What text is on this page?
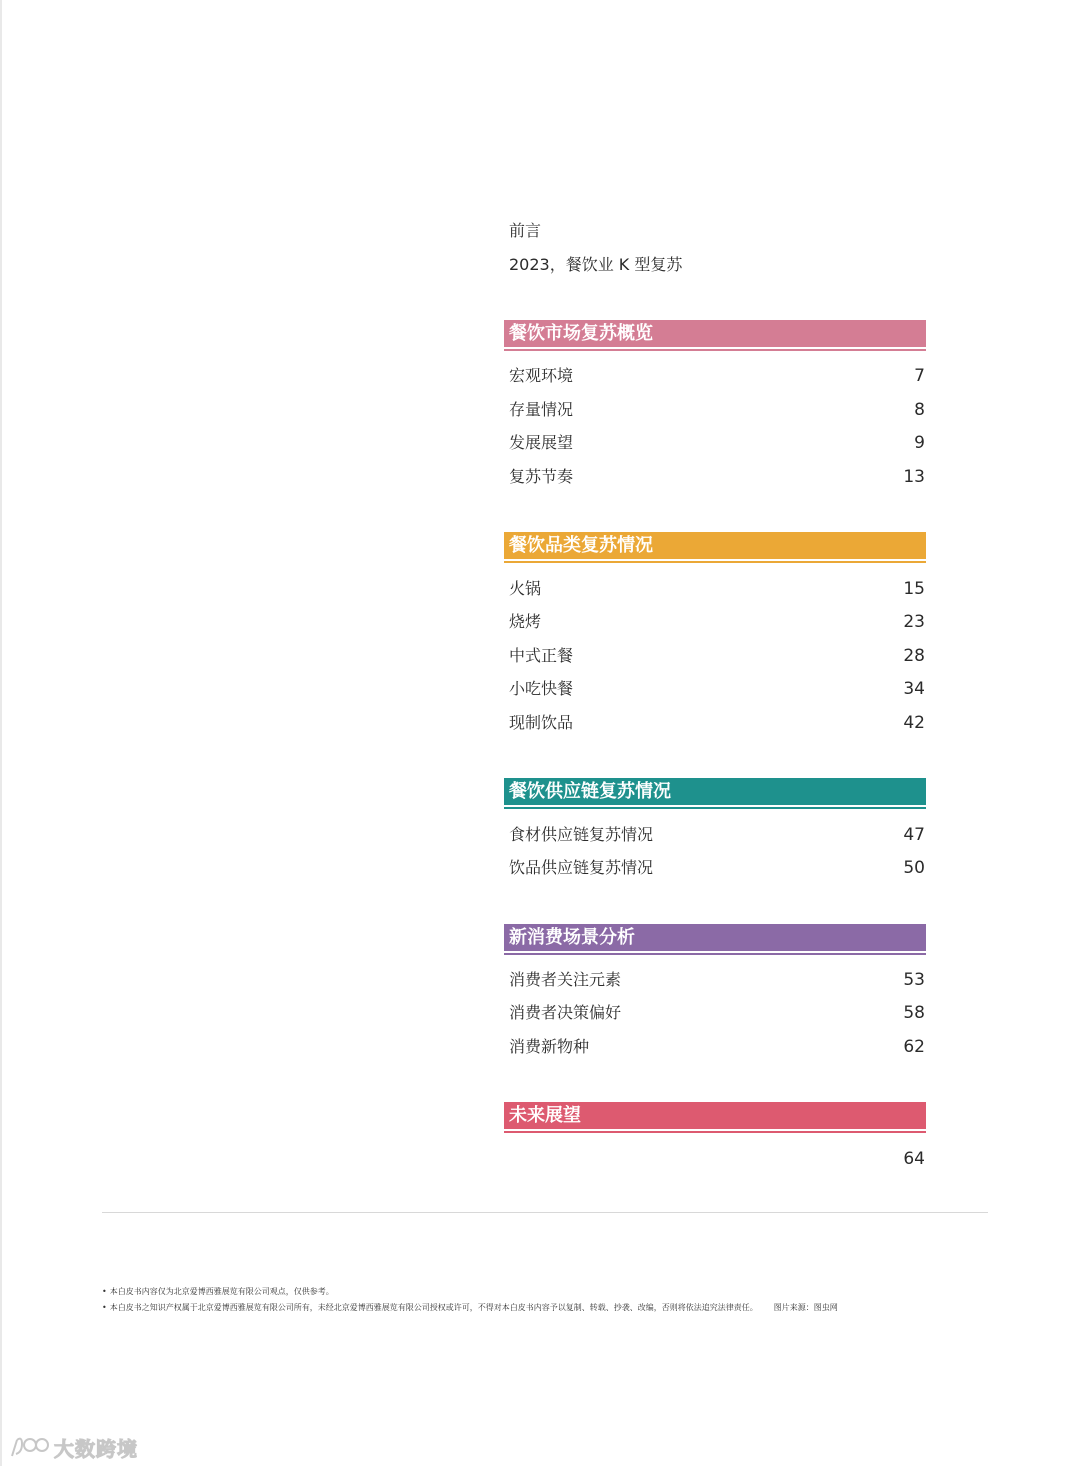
前言
2023，餐饮业 K 型复苏
餐饮市场复苏概览
宏观环境	7
存量情况	8
发展展望	9
复苏节奏	13
餐饮品类复苏情况
火锅	15
烧烤	23
中式正餐	28
小吃快餐	34
现制饮品	42
餐饮供应链复苏情况
食材供应链复苏情况	47
饮品供应链复苏情况	50
新消费场景分析
消费者关注元素	53
消费者决策偏好	58
消费新物种	62
未来展望
64
• 本白皮书内容仅为北京爱博西雅展览有限公司观点，仅供参考。
• 本白皮书之知识产权属于北京爱博西雅展览有限公司所有，未经北京爱博西雅展览有限公司授权或许可，不得对本白皮书内容予以复制、转载、抄袭、改编，否则将依法追究法律责任。 图片来源：图虫网
大数跨境
